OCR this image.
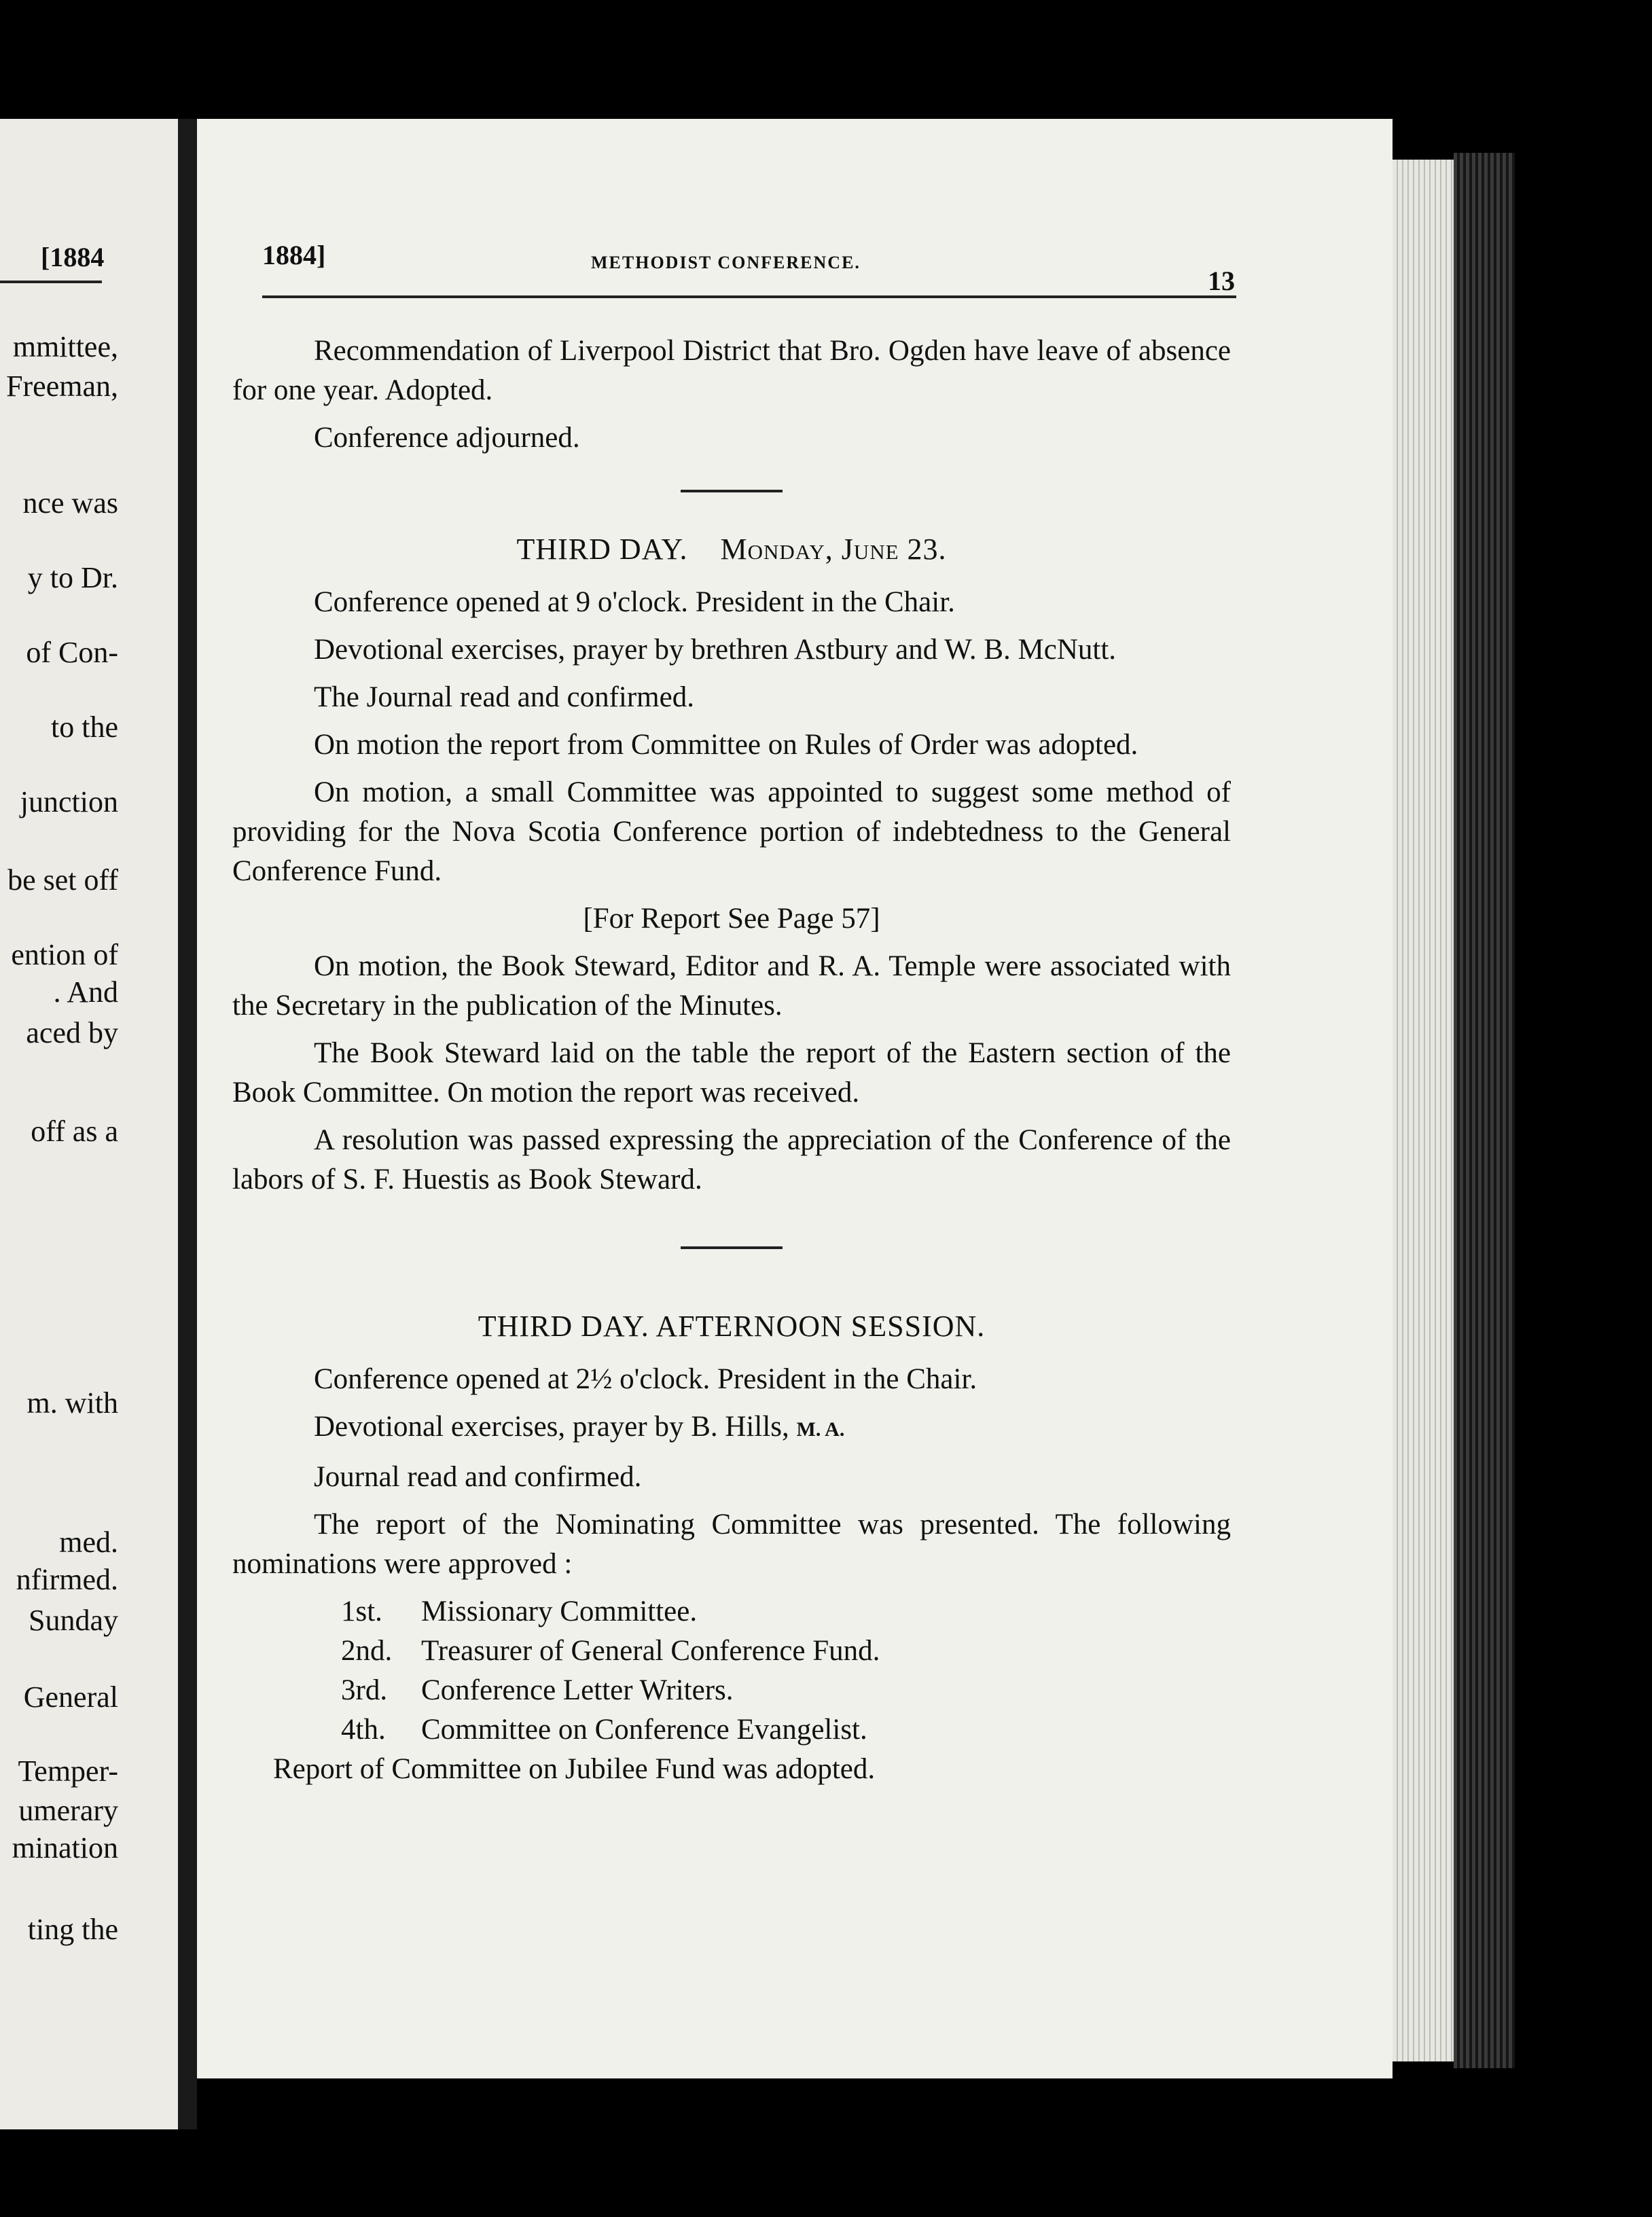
[1884
mmittee,
Freeman,
nce was
y to Dr.
of Con-
to the
junction
be set off
ention of
. And
aced by
off as a
m. with
med.
nfirmed.
Sunday
General
Temper-
umerary
mination
ting the
1884]	METHODIST CONFERENCE.
13

Recommendation of Liverpool District that Bro. Ogden have leave of absence for one year. Adopted.

Conference adjourned.

THIRD DAY. Monday, June 23.

Conference opened at 9 o'clock. President in the Chair.

Devotional exercises, prayer by brethren Astbury and W. B. McNutt.

The Journal read and confirmed.

On motion the report from Committee on Rules of Order was adopted.

On motion, a small Committee was appointed to suggest some method of providing for the Nova Scotia Conference portion of indebtedness to the General Conference Fund.

[For Report See Page 57]

On motion, the Book Steward, Editor and R. A. Temple were associated with the Secretary in the publication of the Minutes.

The Book Steward laid on the table the report of the Eastern section of the Book Committee. On motion the report was received.

A resolution was passed expressing the appreciation of the Conference of the labors of S. F. Huestis as Book Steward.

THIRD DAY. AFTERNOON SESSION.

Conference opened at 2½ o'clock. President in the Chair.

Devotional exercises, prayer by B. Hills, M. A.

Journal read and confirmed.

The report of the Nominating Committee was presented. The following nominations were approved :

1st. Missionary Committee.
2nd. Treasurer of General Conference Fund.
3rd. Conference Letter Writers.
4th. Committee on Conference Evangelist.

Report of Committee on Jubilee Fund was adopted.
